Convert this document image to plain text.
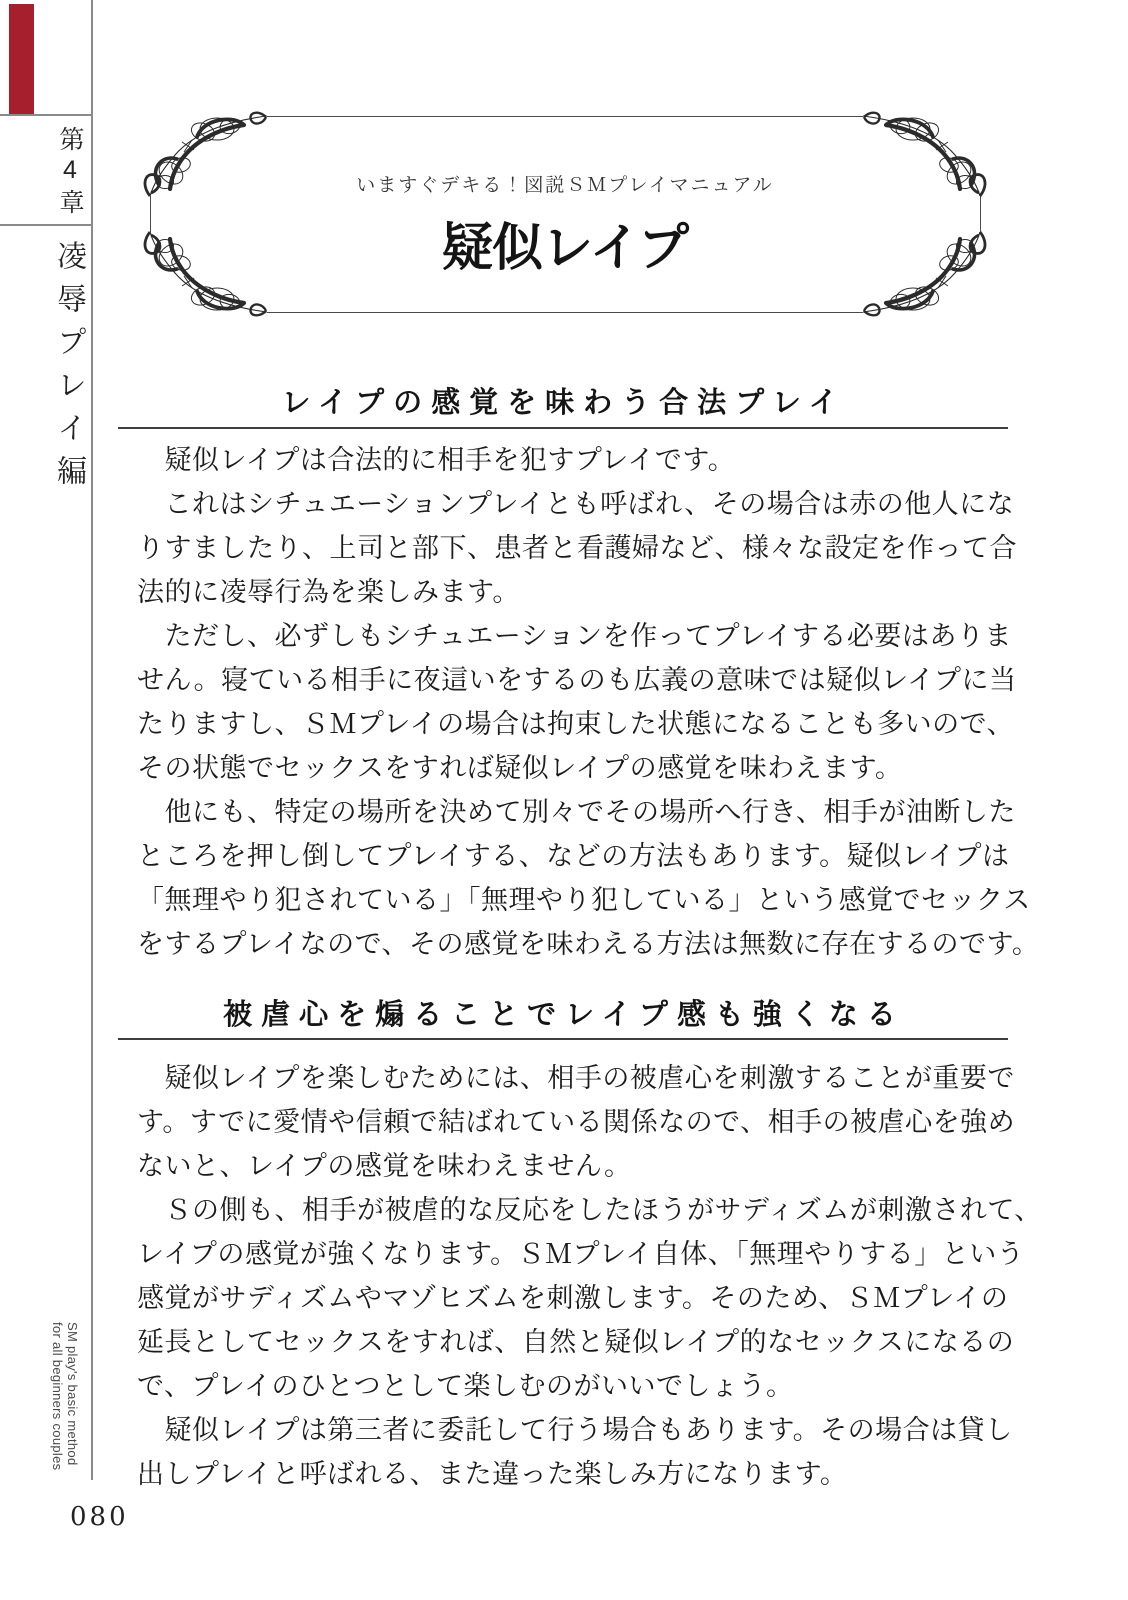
第4章
凌辱プレイ編
いますぐデキる！図説ＳＭプレイマニュアル
疑似レイプ
レイプの感覚を味わう合法プレイ
　疑似レイプは合法的に相手を犯すプレイです。
　これはシチュエーションプレイとも呼ばれ、その場合は赤の他人にな
りすましたり、上司と部下、患者と看護婦など、様々な設定を作って合
法的に凌辱行為を楽しみます。
　ただし、必ずしもシチュエーションを作ってプレイする必要はありま
せん。寝ている相手に夜這いをするのも広義の意味では疑似レイプに当
たりますし、ＳＭプレイの場合は拘束した状態になることも多いので、
その状態でセックスをすれば疑似レイプの感覚を味わえます。
　他にも、特定の場所を決めて別々でその場所へ行き、相手が油断した
ところを押し倒してプレイする、などの方法もあります。疑似レイプは
「無理やり犯されている」「無理やり犯している」という感覚でセックス
をするプレイなので、その感覚を味わえる方法は無数に存在するのです。
被虐心を煽ることでレイプ感も強くなる
　疑似レイプを楽しむためには、相手の被虐心を刺激することが重要で
す。すでに愛情や信頼で結ばれている関係なので、相手の被虐心を強め
ないと、レイプの感覚を味わえません。
　Ｓの側も、相手が被虐的な反応をしたほうがサディズムが刺激されて、
レイプの感覚が強くなります。ＳＭプレイ自体、「無理やりする」という
感覚がサディズムやマゾヒズムを刺激します。そのため、ＳＭプレイの
延長としてセックスをすれば、自然と疑似レイプ的なセックスになるの
で、プレイのひとつとして楽しむのがいいでしょう。
　疑似レイプは第三者に委託して行う場合もあります。その場合は貸し
出しプレイと呼ばれる、また違った楽しみ方になります。
SM play's basic method
for all beginners couples
080
